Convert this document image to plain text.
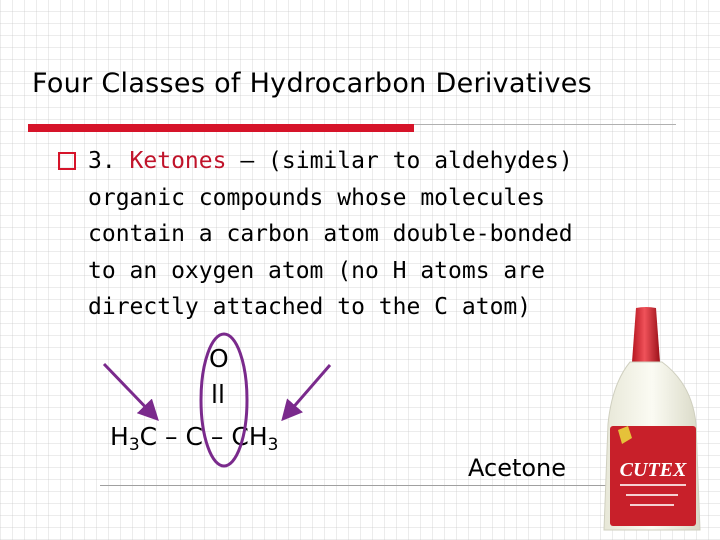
Four Classes of Hydrocarbon Derivatives
3. Ketones – (similar to aldehydes)
organic compounds whose molecules
contain a carbon atom double-bonded
to an oxygen atom (no H atoms are
directly attached to the C atom)
O
ll
$H_3C$ – C – $CH_3$
Acetone	CUTEX
